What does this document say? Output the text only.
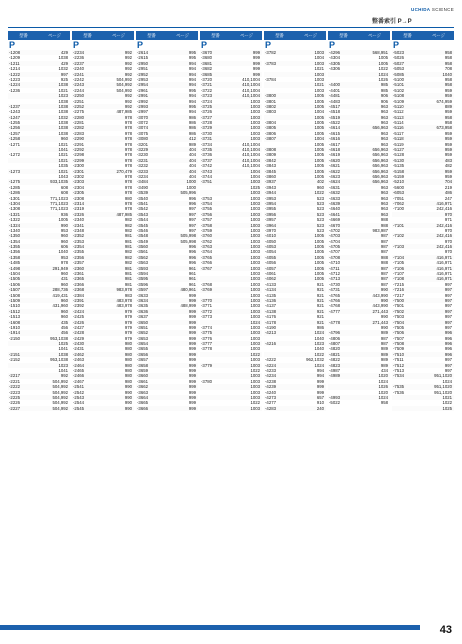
UCHIDA SCIENCE
整番索引 P→P
型番	ページ
P
-1208	429
-1209	1038
-1211	429
-1214	1032
-1222	997
-1223	925
-1224	1038
-1236	1021
1023
1038
-1237	1038
-1243	1038
-1247	1032
-1255	1038
-1256	1038
-1257	1038
-1258	960
-1271	1021
1041
-1272	1021
1021
1035
-1273	1021
1043
-1275	933,1035
-1285	608
-1286	608
-1301	771,1023
-1304	771,1023
-1308	771,1023
-1321	936
-1322	1005
-1324	990
-1340	953
-1350	960
-1354	960
-1355	606
-1356	1040
-1358	953
-1485	978
-1498	291,949
-1504	960
-1505	431
-1506	960
-1507	288,736
-1508	419,431
-1509	960
-1510	431,960
-1512	960
-1513	960
-1608	435
-1910	456
-1914	456
-2150	953,1038
1025
1041
-2151	1038
-2152	953,1038
1023
1041
-2217	992
-2221	504,992
-2222	504,992
-2223	504,992
-2225	504,992
-2226	504,992
-2227	504,992
型番	ページ
P
-2234	992
-2236	992
-2237	992
-2240	992
-2241	992
-2242	504,992
-2243	504,992
-2244	504,992
-2250	992
-2251	992
-2252	992
-2275	487,985
-2280	978
-2281	978
-2282	978
-2283	978
-2290	978
-2291	978
-2292	978
-2298	978
-2299	978
-2300	978
-2301	270,479
-2302	978
-2303	978
-2304	978
-2305	978
-2308	980
-2314	978
-2319	978
-2326	487,985
-2340	982
-2341	982
-2348	982
-2352	981
-2353	981
-2354	981
-2355	982
-2356	982
-2357	982
-2360	981
-2361	981
-2365	981
-2366	981
-2368	983,978
-2384	983
-2391	483,978
-2392	483,978
-2424	979
-2425	979
-2426	979
-2427	979
-2428	979
-2429	979
-2430	980
-2431	980
-2462	980
-2463	980
-2464	980
-2465	980
-2466	980
-2467	980
-2541	990
-2542	990
-2543	990
-2544	990
-2545	990
型番	ページ
P
-2614	995
-2615	995
-2950	994
-2951	994
-2952	994
-2953	994
-2954	994
-2961	995
-2991	994
-2992	994
-2993	995
-2997	994
-3070	986
-3072	986
-3074	986
-3075	986
-3080	412
-3201	989
-3229	404
-3230	404
-3231	404
-3232	404
-3233	404
-3234	404
-3484	1000
-3490	1000
-3539	505,996
-3540	996
-3541	996
-3542	997
-3543	997
-3544	997
-3545	997
-3546	997
-3548	505,998
-3549	505,998
-3560	996
-3561	996
-3562	996
-3563	996
-3593	961
-3594	961
-3595	961
-3596	961
-3597	480,961
-3633	999
-3634	999
-3635	488,999
-3636	999
-3637	999
-3650	999
-3651	999
-3652	999
-3653	999
-3654	999
-3655	999
-3656	999
-3657	999
-3658	999
-3659	999
-3660	999
-3661	999
-3662	999
-3663	999
-3664	999
-3665	999
-3666	999
型番	ページ
P
-3670	999
-3680	999
-3681	999
-3682	999
-3685	999
-3720	410,1004
-3721	410,1004
-3722	410,1004
-3723	410,1004
-3724	1003
-3725	1003
-3726	1003
-3727	1003
-3728	1003
-3729	1003
-3730	1003
-3731	1003
-3734	410,1004
-3735	410,1004
-3736	410,1004
-3737	410,1004
-3742	410,1004
-3743	1004
-3744	1004
-3751	1003
1025
1003
-3753	1003
-3754	1003
-3755	1003
-3756	1003
-3757	1003
-3758	1003
-3759	1003
-3760	1003
-3762	1003
-3763	1003
-3764	1003
-3765	1003
-3766	1003
-3767	1003
1003
1003
-3768	1003
-3769	1003
1003
-3770	1003
-3771	1003
-3772	1003
-3773	1003
1024
-3774	1003
-3775	1003
-3776	1003
-3777	1003
-3778	1003
1022
1003
-3779	1003
1022
1003
-3780	1003
1003
1003
1003
1022
1003
型番	ページ
P
-3782	1003
1004
-3783	1003
1021
1003
-3784	1003
1021
1003
-3800	1005
-3801	1005
-3802	1005
-3803	1004
1005
-3804	1005
-3805	1005
-3806	1005
-3807	1004
1005
-3808	1005
-3809	1005
-3842	1005
-3843	1005
-3845	1005
-3860	1005
-3937	402
-3943	960
-3944	1022
-3953	523
-3954	523
-3955	523
-3956	523
-3957	523
-3964	523
-3970	523
-4010	1005
-4050	1005
-4053	1005
-4054	1005
-4055	1005
-4056	1005
-4057	1005
-4061	1005
-4062	1005
-4133	921
-4134	921
-4135	921
-4136	921
-4137	921
-4138	921
-4176	921
-4178	921
-4190	986
-4213	1024
1040
-4216	1023
1040
1022
-4222	962,1032
-4224	1024
-4233	994
-4234	994
-4238	999
-4239	999
-4240	999
-4273	657
-4277	910
-4283	240
型番	ページ
P
-4296	568,951
-4304	1005
-4305	1005
-4306	1022
1024
1026
-4400	985
-4401	985
-4481	906
-4483	906
-4517	963
-4518	963
-4519	963
-4522	963
-4614	656,963
-4615	963
-4616	963
-4617	963
-4618	656,963
-4619	656,963
-4620	656,963
-4621	656,963
-4622	656,963
-4623	656,963
-4624	656,963
-4631	963
-4632	963
-4633	963
-4639	963
-4640	963
-4641	963
-4669	988
-4670	988
-4702	983,987
-4703	987
-4704	987
-4705	987
-4707	987
-4708	988
-4710	988
-4711	987
-4712	987
-4713	987
-4730	987
-4731	990
-4765	443,990
-4766	990
-4768	443,990
-4777	271,443
990
-4778	271,443
990
-4796	989
-4806	987
-4807	987
-4820	989
-4821	989
-4822	989
-4823	989
-4987	434
-4989	1020
1024
1026
1020
-4993	1024
-5022	958
型番	ページ
P
-5023	958
-5026	958
-5027	958
-5053	708
-5085	1040
-5100	958
-5101	958
-5102	959
-5108	959
-5109	674,959
-5110	889
-5112	959
-5113	958
-5114	958
-5116	673,958
-5117	959
-5118	959
-5119	959
-5127	959
-5128	959
-5130	483
-5135	482
-5158	959
-5159	959
-5210	704
-5600	219
-6053	486
-7051	247
-7062	416,971
-7100	242,416
970
971
-7101	242,416
970
-7102	242,416
970
-7103	242,416
970
-7104	416,971
-7105	416,971
-7106	416,971
-7107	416,971
-7108	416,971
-7215	997
-7216	997
-7217	997
-7500	997
-7501	997
-7502	997
-7503	997
-7504	997
-7505	997
-7506	996
-7507	996
-7508	996
-7509	996
-7510	996
-7511	997
-7512	997
-7513	997
-7534	951,1020
1024
-7535	951,1020
-7536	951,1020
1021
1022
1025
43
